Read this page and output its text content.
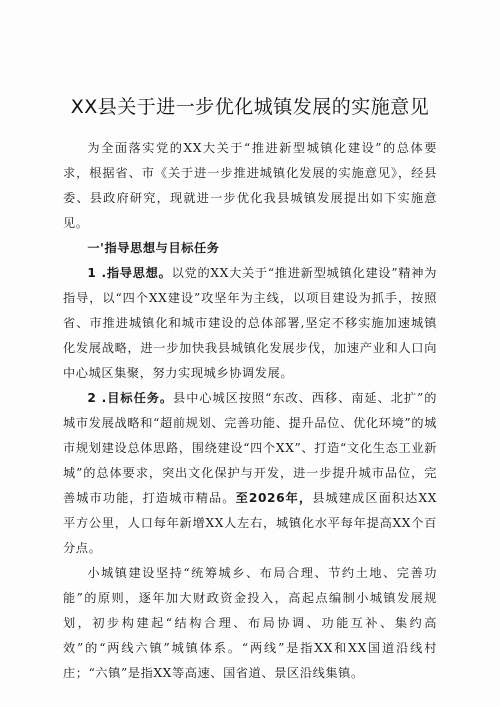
XX县关于进一步优化城镇发展的实施意见

为全面落实党的XX大关于“推进新型城镇化建设”的总体要求，根据省、市《关于进一步推进城镇化发展的实施意见》，经县委、县政府研究，现就进一步优化我县城镇发展提出如下实施意见。

一'指导思想与目标任务

1 .指导思想。以党的XX大关于“推进新型城镇化建设”精神为指导，以“四个XX建设”攻坚年为主线，以项目建设为抓手，按照省、市推进城镇化和城市建设的总体部署,坚定不移实施加速城镇化发展战略，进一步加快我县城镇化发展步伐，加速产业和人口向中心城区集聚，努力实现城乡协调发展。

2 .目标任务。县中心城区按照“东改、西移、南延、北扩”的城市发展战略和“超前规划、完善功能、提升品位、优化环境”的城市规划建设总体思路，围绕建设“四个XX”、打造“文化生态工业新城”的总体要求，突出文化保护与开发，进一步提升城市品位，完善城市功能，打造城市精品。至2026年，县城建成区面积达XX平方公里，人口每年新增XX人左右，城镇化水平每年提高XX个百分点。

小城镇建设坚持“统筹城乡、布局合理、节约土地、完善功能”的原则，逐年加大财政资金投入，高起点编制小城镇发展规划，初步构建起“结构合理、布局协调、功能互补、集约高效”的“两线六镇”城镇体系。“两线”是指XX和XX国道沿线村庄；“六镇”是指XX等高速、国省道、景区沿线集镇。
